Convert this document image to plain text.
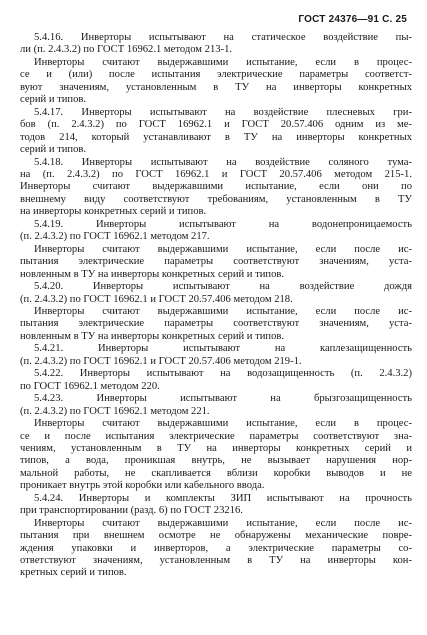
ГОСТ 24376—91 С. 25
5.4.16. Инверторы испытывают на статическое воздействие пы-
ли (п. 2.4.3.2) по ГОСТ 16962.1 методом 213-1.
Инверторы считают выдержавшими испытание, если в процес-
се и (или) после испытания электрические параметры соответст-
вуют значениям, установленным в ТУ на инверторы конкретных
серий и типов.
5.4.17. Инверторы испытывают на воздействие плесневых гри-
бов (п. 2.4.3.2) по ГОСТ 16962.1 и ГОСТ 20.57.406 одним из ме-
тодов 214, который устанавливают в ТУ на инверторы конкретных
серий и типов.
5.4.18. Инверторы испытывают на воздействие соляного тума-
на (п. 2.4.3.2) по ГОСТ 16962.1 и ГОСТ 20.57.406 методом 215-1.
Инверторы считают выдержавшими испытание, если они по
внешнему виду соответствуют требованиям, установленным в ТУ
на инверторы конкретных серий и типов.
5.4.19. Инверторы испытывают на водонепроницаемость
(п. 2.4.3.2) по ГОСТ 16962.1 методом 217.
Инверторы считают выдержавшими испытание, если после ис-
пытания электрические параметры соответствуют значениям, уста-
новленным в ТУ на инверторы конкретных серий и типов.
5.4.20. Инверторы испытывают на воздействие дождя
(п. 2.4.3.2) по ГОСТ 16962.1 и ГОСТ 20.57.406 методом 218.
Инверторы считают выдержавшими испытание, если после ис-
пытания электрические параметры соответствуют значениям, уста-
новленным в ТУ на инверторы конкретных серий и типов.
5.4.21. Инверторы испытывают на каплезащищенность
(п. 2.4.3.2) по ГОСТ 16962.1 и ГОСТ 20.57.406 методом 219-1.
5.4.22. Инверторы испытывают на водозащищенность (п. 2.4.3.2)
по ГОСТ 16962.1 методом 220.
5.4.23. Инверторы испытывают на брызгозащищенность
(п. 2.4.3.2) по ГОСТ 16962.1 методом 221.
Инверторы считают выдержавшими испытание, если в процес-
се и после испытания электрические параметры соответствуют зна-
чениям, установленным в ТУ на инверторы конкретных серий и
типов, а вода, проникшая внутрь, не вызывает нарушения нор-
мальной работы, не скапливается вблизи коробки выводов и не
проникает внутрь этой коробки или кабельного ввода.
5.4.24. Инверторы и комплекты ЗИП испытывают на прочность
при транспортировании (разд. 6) по ГОСТ 23216.
Инверторы считают выдержавшими испытание, если после ис-
пытания при внешнем осмотре не обнаружены механические повре-
ждения упаковки и инверторов, а электрические параметры со-
ответствуют значениям, установленным в ТУ на инверторы кон-
кретных серий и типов.
